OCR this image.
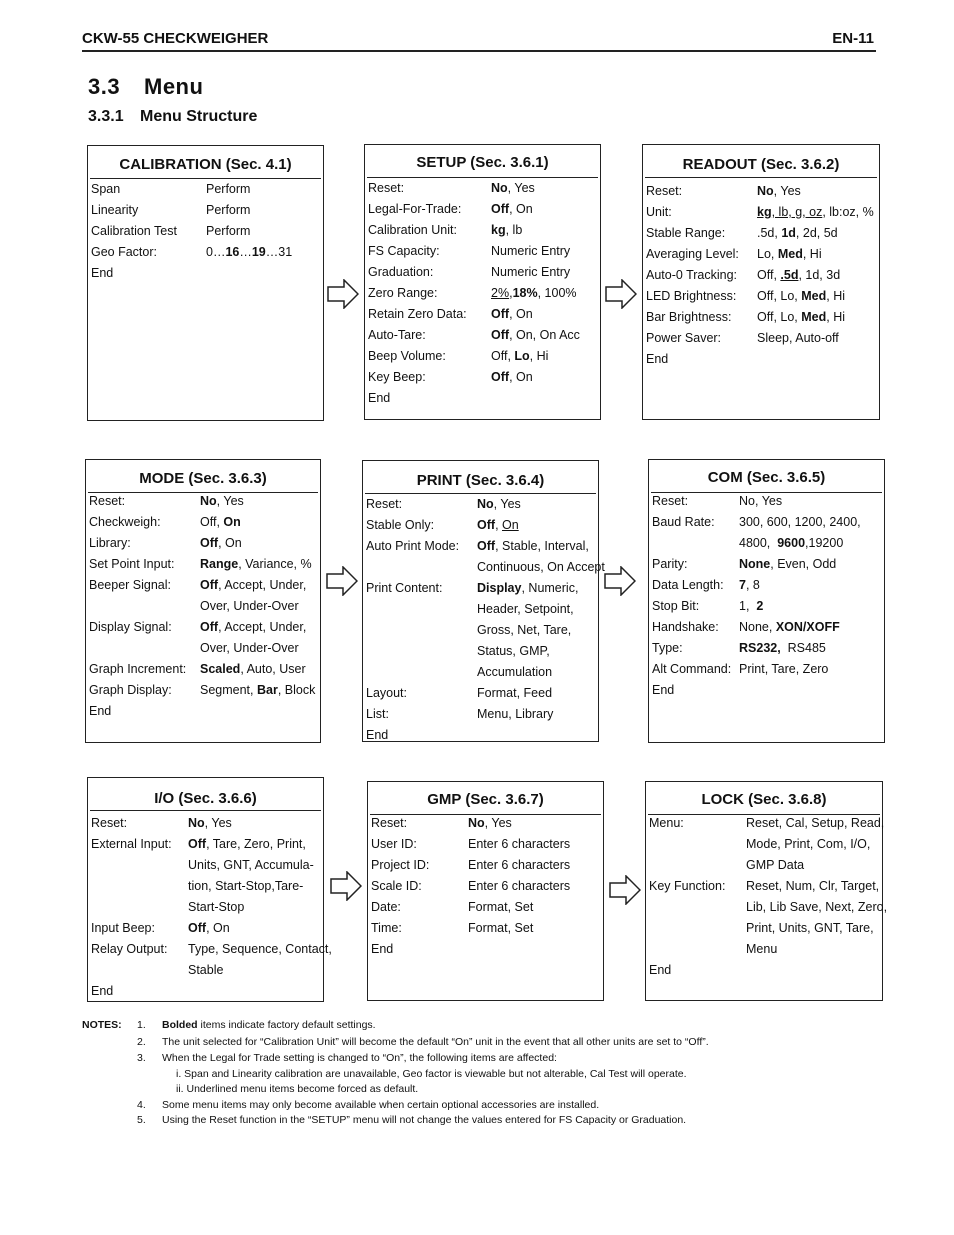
CKW-55 CHECKWEIGHER	EN-11
3.3 Menu
3.3.1 Menu Structure
CALIBRATION (Sec. 4.1)
Span	Perform
Linearity	Perform
Calibration Test Perform
Geo Factor:	0…16…19…31
End
SETUP (Sec. 3.6.1)
Reset:	No, Yes
Legal-For-Trade: Off, On
Calibration Unit:	kg, lb
FS Capacity:	Numeric Entry
Graduation:	Numeric Entry
Zero Range:	2%,18%, 100%
Retain Zero Data: Off, On
Auto-Tare:	Off, On, On Acc
Beep Volume:	Off, Lo, Hi
Key Beep:	Off, On
End
READOUT (Sec. 3.6.2)
Reset:	No, Yes
Unit:	kg, lb, g, oz, lb:oz, %
Stable Range:	.5d, 1d, 2d, 5d
Averaging Level: Lo, Med, Hi
Auto-0 Tracking: Off, .5d, 1d, 3d
LED Brightness: Off, Lo, Med, Hi
Bar Brightness: Off, Lo, Med, Hi
Power Saver:	Sleep, Auto-off
End
MODE (Sec. 3.6.3)
Reset:	No, Yes
Checkweigh:	Off, On
Library:	Off, On
Set Point Input: Range, Variance, %
Beeper Signal: Off, Accept, Under,
Over, Under-Over
Display Signal: Off, Accept, Under,
Over, Under-Over
Graph Increment: Scaled, Auto, User
Graph Display: Segment, Bar, Block
End
PRINT (Sec. 3.6.4)
Reset:	No, Yes
Stable Only:	Off, On
Auto Print Mode: Off, Stable, Interval,
Continuous, On Accept
Print Content:	Display, Numeric,
Header, Setpoint,
Gross, Net, Tare,
Status, GMP,
Accumulation
Layout:	Format, Feed
List:	Menu, Library
End
COM (Sec. 3.6.5)
Reset:	No, Yes
Baud Rate: 300, 600, 1200, 2400,
4800,  9600,19200
Parity:	None, Even, Odd
Data Length: 7, 8
Stop Bit:	1,  2
Handshake: None, XON/XOFF
Type:	RS232,  RS485
Alt Command: Print, Tare, Zero
End
I/O (Sec. 3.6.6)
Reset:	No, Yes
External Input: Off, Tare, Zero, Print,
Units, GNT, Accumula-
tion, Start-Stop,Tare-
Start-Stop
Input Beep:	Off, On
Relay Output: Type, Sequence, Contact,
Stable
End
GMP (Sec. 3.6.7)
Reset:	No, Yes
User ID:	Enter 6 characters
Project ID:	Enter 6 characters
Scale ID:	Enter 6 characters
Date:	Format, Set
Time:	Format, Set
End
LOCK (Sec. 3.6.8)
Menu:	Reset, Cal, Setup, Read,
Mode, Print, Com, I/O,
GMP Data
Key Function: Reset, Num, Clr, Target,
Lib, Lib Save, Next, Zero,
Print, Units, GNT, Tare,
Menu
End
NOTES: 1. Bolded items indicate factory default settings.
2. The unit selected for “Calibration Unit” will become the default “On” unit in the event that all other units are set to “Off”.
3. When the Legal for Trade setting is changed to “On”, the following items are affected:
i. Span and Linearity calibration are unavailable, Geo factor is viewable but not alterable, Cal Test will operate.
ii. Underlined menu items become forced as default.
4. Some menu items may only become available when certain optional accessories are installed.
5. Using the Reset function in the “SETUP” menu will not change the values entered for FS Capacity or Graduation.
